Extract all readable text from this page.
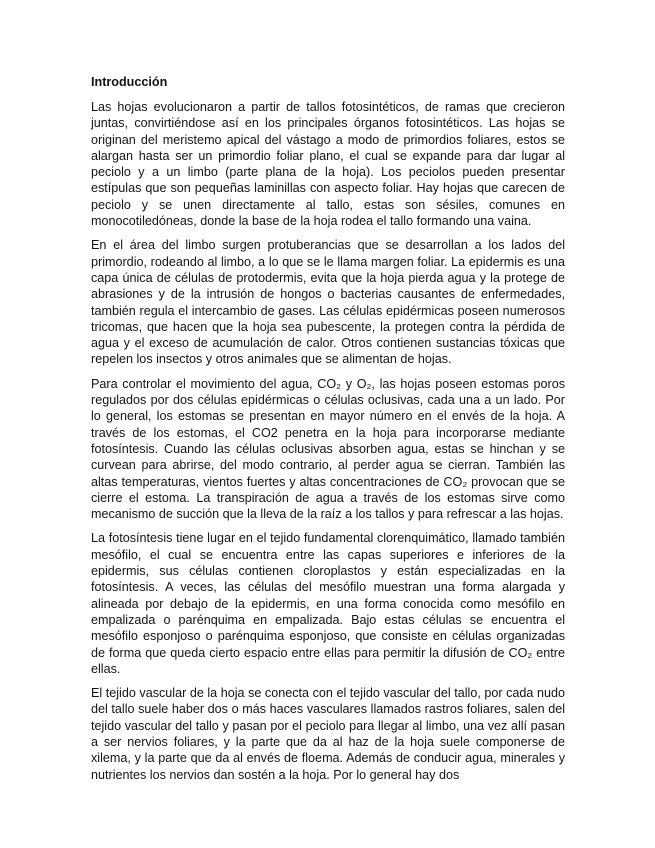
Introducción

Las hojas evolucionaron a partir de tallos fotosintéticos, de ramas que crecieron juntas, convirtiéndose así en los principales órganos fotosintéticos. Las hojas se originan del meristemo apical del vástago a modo de primordios foliares, estos se alargan hasta ser un primordio foliar plano, el cual se expande para dar lugar al peciolo y a un limbo (parte plana de la hoja). Los peciolos pueden presentar estípulas que son pequeñas laminillas con aspecto foliar. Hay hojas que carecen de peciolo y se unen directamente al tallo, estas son sésiles, comunes en monocotiledóneas, donde la base de la hoja rodea el tallo formando una vaina.

En el área del limbo surgen protuberancias que se desarrollan a los lados del primordio, rodeando al limbo, a lo que se le llama margen foliar. La epidermis es una capa única de células de protodermis, evita que la hoja pierda agua y la protege de abrasiones y de la intrusión de hongos o bacterias causantes de enfermedades, también regula el intercambio de gases. Las células epidérmicas poseen numerosos tricomas, que hacen que la hoja sea pubescente, la protegen contra la pérdida de agua y el exceso de acumulación de calor. Otros contienen sustancias tóxicas que repelen los insectos y otros animales que se alimentan de hojas.

Para controlar el movimiento del agua, CO₂ y O₂, las hojas poseen estomas poros regulados por dos células epidérmicas o células oclusivas, cada una a un lado. Por lo general, los estomas se presentan en mayor número en el envés de la hoja. A través de los estomas, el CO2 penetra en la hoja para incorporarse mediante fotosíntesis. Cuando las células oclusivas absorben agua, estas se hinchan y se curvean para abrirse, del modo contrario, al perder agua se cierran. También las altas temperaturas, vientos fuertes y altas concentraciones de CO₂ provocan que se cierre el estoma. La transpiración de agua a través de los estomas sirve como mecanismo de succión que la lleva de la raíz a los tallos y para refrescar a las hojas.

La fotosíntesis tiene lugar en el tejido fundamental clorenquimático, llamado también mesófilo, el cual se encuentra entre las capas superiores e inferiores de la epidermis, sus células contienen cloroplastos y están especializadas en la fotosíntesis. A veces, las células del mesófilo muestran una forma alargada y alineada por debajo de la epidermis, en una forma conocida como mesófilo en empalizada o parénquima en empalizada. Bajo estas células se encuentra el mesófilo esponjoso o parénquima esponjoso, que consiste en células organizadas de forma que queda cierto espacio entre ellas para permitir la difusión de CO₂ entre ellas.

El tejido vascular de la hoja se conecta con el tejido vascular del tallo, por cada nudo del tallo suele haber dos o más haces vasculares llamados rastros foliares, salen del tejido vascular del tallo y pasan por el peciolo para llegar al limbo, una vez allí pasan a ser nervios foliares, y la parte que da al haz de la hoja suele componerse de xilema, y la parte que da al envés de floema. Además de conducir agua, minerales y nutrientes los nervios dan sostén a la hoja. Por lo general hay dos
